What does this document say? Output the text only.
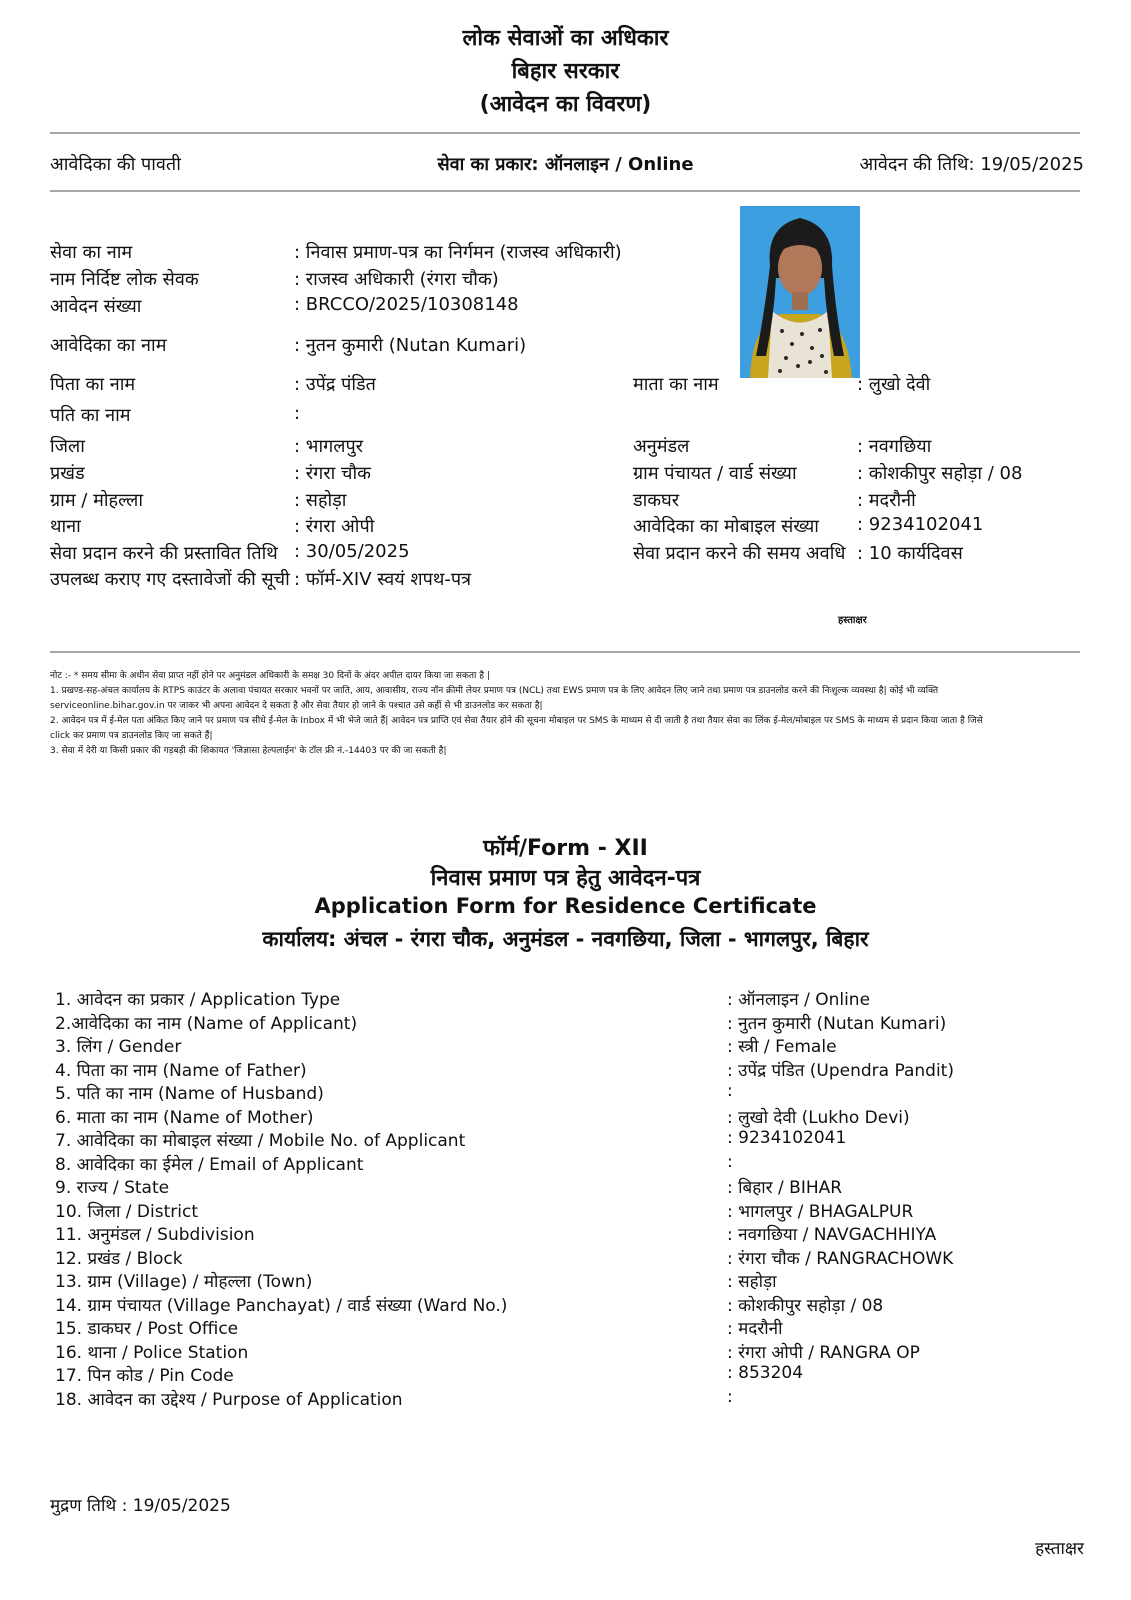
लोक सेवाओं का अधिकार
बिहार सरकार
(आवेदन का विवरण)
आवेदिका की पावती	सेवा का प्रकार: ऑनलाइन / Online	आवेदन की तिथि: 19/05/2025
सेवा का नाम	: निवास प्रमाण-पत्र का निर्गमन (राजस्व अधिकारी)
नाम निर्दिष्ट लोक सेवक	: राजस्व अधिकारी (रंगरा चौक)
आवेदन संख्या	: BRCCO/2025/10308148
आवेदिका का नाम	: नुतन कुमारी (Nutan Kumari)
पिता का नाम	: उपेंद्र पंडित	माता का नाम	: लुखो देवी
पति का नाम	:
जिला	: भागलपुर	अनुमंडल	: नवगछिया
प्रखंड	: रंगरा चौक	ग्राम पंचायत / वार्ड संख्या	: कोशकीपुर सहोड़ा / 08
ग्राम / मोहल्ला	: सहोड़ा	डाकघर	: मदरौनी
थाना	: रंगरा ओपी	आवेदिका का मोबाइल संख्या : 9234102041
सेवा प्रदान करने की प्रस्तावित तिथि : 30/05/2025	सेवा प्रदान करने की समय अवधि : 10 कार्यदिवस
उपलब्ध कराए गए दस्तावेजों की सूची : फॉर्म-XIV स्वयं शपथ-पत्र
हस्ताक्षर
नोट :- * समय सीमा के अधीन सेवा प्राप्त नहीं होने पर अनुमंडल अधिकारी के समक्ष 30 दिनों के अंदर अपील दायर किया जा सकता है |
1. प्रखण्ड-सह-अंचल कार्यालय के RTPS काउंटर के अलावा पंचायत सरकार भवनों पर जाति, आय, आवासीय, राज्य नॉन क्रीमी लेयर प्रमाण पत्र (NCL) तथा EWS प्रमाण पत्र के लिए आवेदन लिए जाने तथा प्रमाण पत्र डाउनलोड करने की निःशुल्क व्यवस्था है| कोई भी व्यक्ति
serviceonline.bihar.gov.in पर जाकर भी अपना आवेदन दे सकता है और सेवा तैयार हो जाने के पश्चात उसे कहीं से भी डाउनलोड कर सकता है|
2. आवेदन पत्र में ई-मेल पता अंकित किए जाने पर प्रमाण पत्र सीधे ई-मेल के Inbox में भी भेजे जाते हैं| आवेदन पत्र प्राप्ति एवं सेवा तैयार होने की सूचना मोबाइल पर SMS के माध्यम से दी जाती है तथा तैयार सेवा का लिंक ई-मेल/मोबाइल पर SMS के माध्यम से प्रदान किया जाता है जिसे
click कर प्रमाण पत्र डाउनलोड किए जा सकते हैं|
3. सेवा में देरी या किसी प्रकार की गड़बड़ी की शिकायत 'जिज्ञासा हेल्पलाईन' के टॉल फ्री नं.-14403 पर की जा सकती है|
फॉर्म/Form - XII
निवास प्रमाण पत्र हेतु आवेदन-पत्र
Application Form for Residence Certificate
कार्यालय: अंचल - रंगरा चौक, अनुमंडल - नवगछिया, जिला - भागलपुर, बिहार
1. आवेदन का प्रकार / Application Type	: ऑनलाइन / Online
2.आवेदिका का नाम (Name of Applicant)	: नुतन कुमारी (Nutan Kumari)
3. लिंग / Gender	: स्त्री / Female
4. पिता का नाम (Name of Father)	: उपेंद्र पंडित (Upendra Pandit)
5. पति का नाम (Name of Husband)	:
6. माता का नाम (Name of Mother)	: लुखो देवी (Lukho Devi)
7. आवेदिका का मोबाइल संख्या / Mobile No. of Applicant	: 9234102041
8. आवेदिका का ईमेल / Email of Applicant	:
9. राज्य / State	: बिहार / BIHAR
10. जिला / District	: भागलपुर / BHAGALPUR
11. अनुमंडल / Subdivision	: नवगछिया / NAVGACHHIYA
12. प्रखंड / Block	: रंगरा चौक / RANGRACHOWK
13. ग्राम (Village) / मोहल्ला (Town)	: सहोड़ा
14. ग्राम पंचायत (Village Panchayat) / वार्ड संख्या (Ward No.)	: कोशकीपुर सहोड़ा / 08
15. डाकघर / Post Office	: मदरौनी
16. थाना / Police Station	: रंगरा ओपी / RANGRA OP
17. पिन कोड / Pin Code	: 853204
18. आवेदन का उद्देश्य / Purpose of Application	:
मुद्रण तिथि : 19/05/2025
हस्ताक्षर
